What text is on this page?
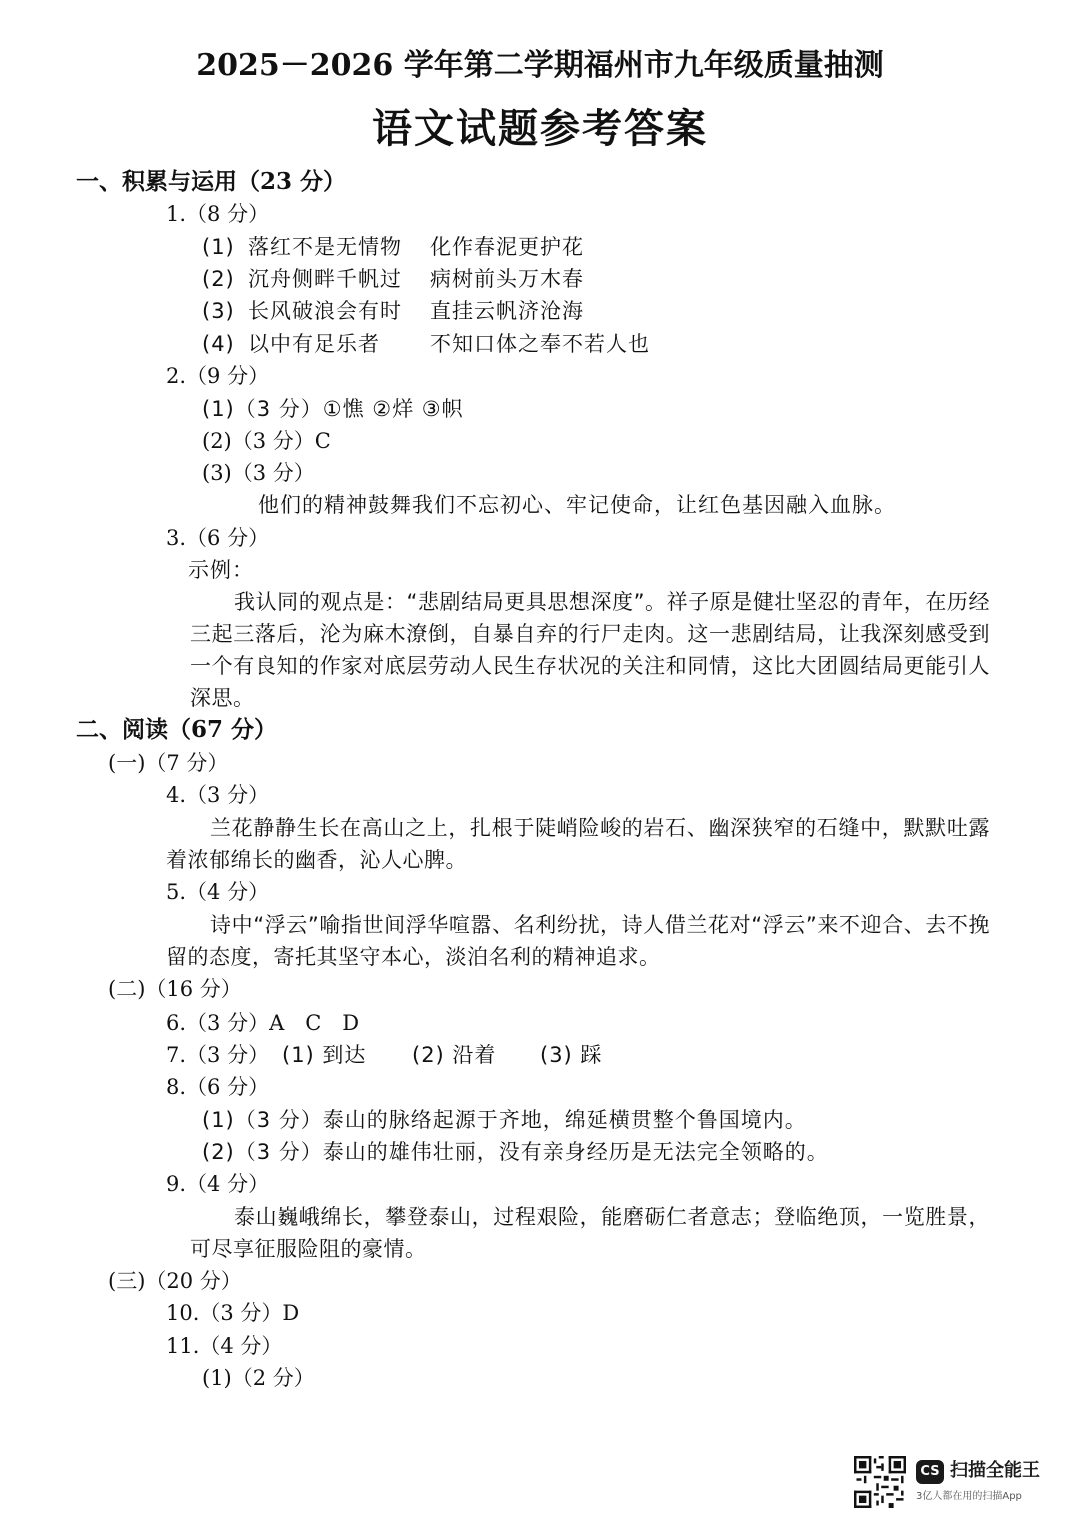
2025－2026 学年第二学期福州市九年级质量抽测
语文试题参考答案
一、积累与运用（23 分）
1.（8 分）
(1) 落红不是无情物 化作春泥更护花
(2) 沉舟侧畔千帆过 病树前头万木春
(3) 长风破浪会有时 直挂云帆济沧海
(4) 以中有足乐者 不知口体之奉不若人也
2.（9 分）
(1)（3 分）①憔 ②烊 ③帜
(2)（3 分）C
(3)（3 分）
他们的精神鼓舞我们不忘初心、牢记使命，让红色基因融入血脉。
3.（6 分）
示例：
我认同的观点是：“悲剧结局更具思想深度”。祥子原是健壮坚忍的青年，在历经三起三落后，沦为麻木潦倒，自暴自弃的行尸走肉。这一悲剧结局，让我深刻感受到一个有良知的作家对底层劳动人民生存状况的关注和同情，这比大团圆结局更能引人深思。
二、阅读（67 分）
(一)（7 分）
4.（3 分）
兰花静静生长在高山之上，扎根于陡峭险峻的岩石、幽深狭窄的石缝中，默默吐露着浓郁绵长的幽香，沁人心脾。
5.（4 分）
诗中“浮云”喻指世间浮华喧嚣、名利纷扰，诗人借兰花对“浮云”来不迎合、去不挽留的态度，寄托其坚守本心，淡泊名利的精神追求。
(二)（16 分）
6.（3 分）A　C　D
7.（3 分） (1) 到达 (2) 沿着 (3) 踩
8.（6 分）
(1)（3 分）泰山的脉络起源于齐地，绵延横贯整个鲁国境内。
(2)（3 分）泰山的雄伟壮丽，没有亲身经历是无法完全领略的。
9.（4 分）
泰山巍峨绵长，攀登泰山，过程艰险，能磨砺仁者意志；登临绝顶，一览胜景，可尽享征服险阻的豪情。
(三)（20 分）
10.（3 分）D
11.（4 分）
(1)（2 分）
CS 扫描全能王
3亿人都在用的扫描App
